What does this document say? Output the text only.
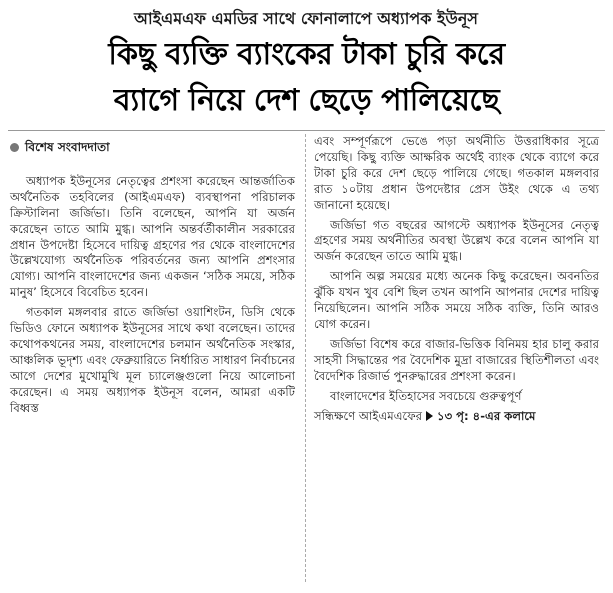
আইএমএফ এমডির সাথে ফোনালাপে অধ্যাপক ইউনূস
কিছু ব্যক্তি ব্যাংকের টাকা চুরি করে
ব্যাগে নিয়ে দেশ ছেড়ে পালিয়েছে
বিশেষ সংবাদদাতা

অধ্যাপক ইউনূসের নেতৃত্বের প্রশংসা করেছেন আন্তর্জাতিক অর্থনৈতিক তহবিলের (আইএমএফ) ব্যবস্থাপনা পরিচালক ক্রিস্টালিনা জর্জিভা। তিনি বলেছেন, আপনি যা অর্জন করেছেন তাতে আমি মুগ্ধ। আপনি অন্তর্বর্তীকালীন সরকারের প্রধান উপদেষ্টা হিসেবে দায়িত্ব গ্রহণের পর থেকে বাংলাদেশের উল্লেখযোগ্য অর্থনৈতিক পরিবর্তনের জন্য আপনি প্রশংসার যোগ্য। আপনি বাংলাদেশের জন্য একজন ‘সঠিক সময়ে, সঠিক মানুষ’ হিসেবে বিবেচিত হবেন।

গতকাল মঙ্গলবার রাতে জর্জিভা ওয়াশিংটন, ডিসি থেকে ভিডিও ফোনে অধ্যাপক ইউনূসের সাথে কথা বলেছেন। তাদের কথোপকথনের সময়, বাংলাদেশের চলমান অর্থনৈতিক সংস্কার, আঞ্চলিক ভূদৃশ্য এবং ফেব্রুয়ারিতে নির্ধারিত সাধারণ নির্বাচনের আগে দেশের মুখোমুখি মূল চ্যালেঞ্জগুলো নিয়ে আলোচনা করেছেন। এ সময় অধ্যাপক ইউনূস বলেন, আমরা একটি বিধ্বস্ত

এবং সম্পূর্ণরূপে ভেঙে পড়া অর্থনীতি উত্তরাধিকার সূত্রে পেয়েছি। কিছু ব্যক্তি আক্ষরিক অর্থেই ব্যাংক থেকে ব্যাগে করে টাকা চুরি করে দেশ ছেড়ে পালিয়ে গেছে। গতকাল মঙ্গলবার রাত ১০টায় প্রধান উপদেষ্টার প্রেস উইং থেকে এ তথ্য জানানো হয়েছে।

জর্জিভা গত বছরের আগস্টে অধ্যাপক ইউনূসের নেতৃত্ব গ্রহণের সময় অর্থনীতির অবস্থা উল্লেখ করে বলেন আপনি যা অর্জন করেছেন তাতে আমি মুগ্ধ।

আপনি অল্প সময়ের মধ্যে অনেক কিছু করেছেন। অবনতির ঝুঁকি যখন খুব বেশি ছিল তখন আপনি আপনার দেশের দায়িত্ব নিয়েছিলেন। আপনি সঠিক সময়ে সঠিক ব্যক্তি, তিনি আরও যোগ করেন।

জর্জিভা বিশেষ করে বাজার-ভিত্তিক বিনিময় হার চালু করার সাহসী সিদ্ধান্তের পর বৈদেশিক মুদ্রা বাজারের স্থিতিশীলতা এবং বৈদেশিক রিজার্ভ পুনরুদ্ধারের প্রশংসা করেন।

বাংলাদেশের ইতিহাসের সবচেয়ে গুরুত্বপূর্ণ

সন্ধিক্ষণে আইএমএফের ১৩ পৃ: ৪-এর কলামে
